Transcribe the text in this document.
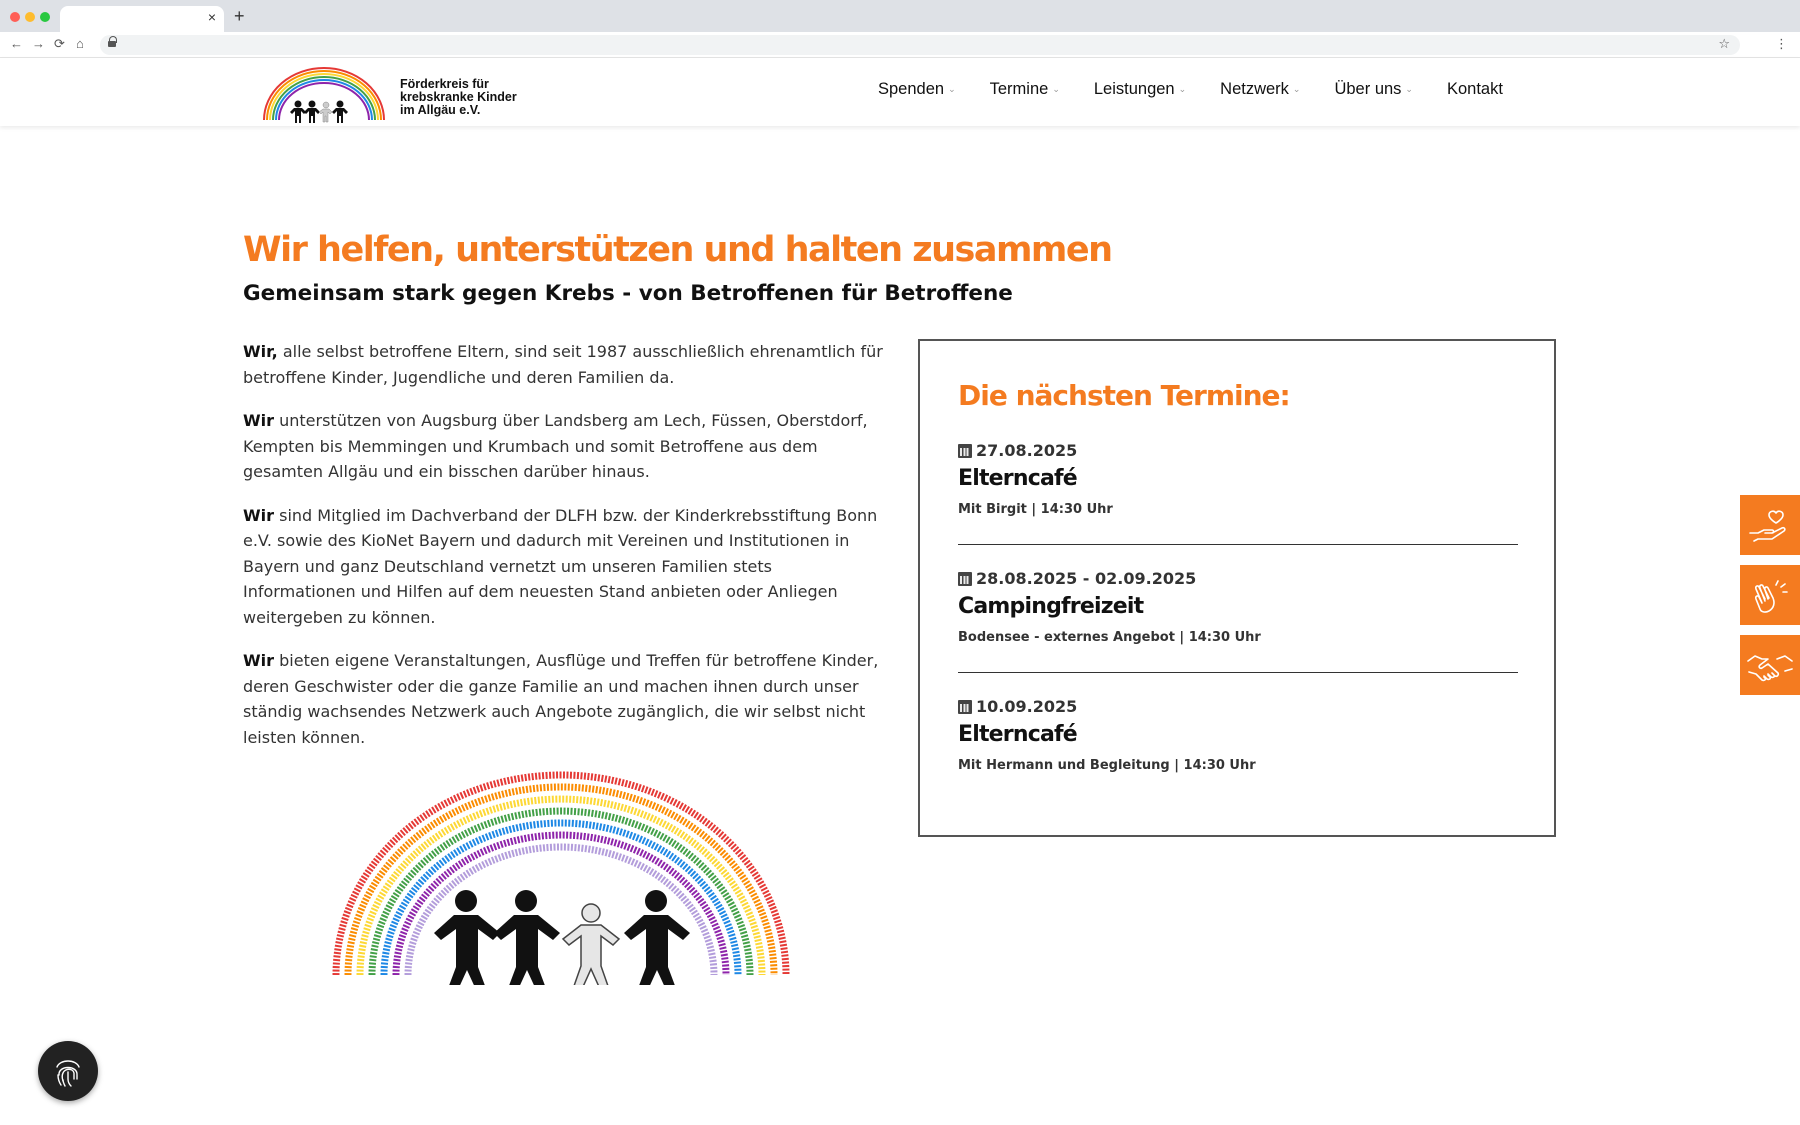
× +
← → ⟳ ⌂	☆	⋮
Förderkreis für
krebskranke Kinder
im Allgäu e.V.
Spenden ⌄ Termine ⌄ Leistungen ⌄ Netzwerk ⌄ Über uns ⌄ Kontakt
Wir helfen, unterstützen und halten zusammen
Gemeinsam stark gegen Krebs - von Betroffenen für Betroffene

Wir, alle selbst betroffene Eltern, sind seit 1987 ausschließlich ehrenamtlich für betroffene Kinder, Jugendliche und deren Familien da.

Wir unterstützen von Augsburg über Landsberg am Lech, Füssen, Oberstdorf, Kempten bis Memmingen und Krumbach und somit Betroffene aus dem gesamten Allgäu und ein bisschen darüber hinaus.

Wir sind Mitglied im Dachverband der DLFH bzw. der Kinderkrebsstiftung Bonn e.V. sowie des KioNet Bayern und dadurch mit Vereinen und Institutionen in Bayern und ganz Deutschland vernetzt um unseren Familien stets Informationen und Hilfen auf dem neuesten Stand anbieten oder Anliegen weitergeben zu können.

Wir bieten eigene Veranstaltungen, Ausflüge und Treffen für betroffene Kinder, deren Geschwister oder die ganze Familie an und machen ihnen durch unser ständig wachsendes Netzwerk auch Angebote zugänglich, die wir selbst nicht leisten können.

Die nächsten Termine:
27.08.2025
Elterncafé
Mit Birgit | 14:30 Uhr
28.08.2025 - 02.09.2025
Campingfreizeit
Bodensee - externes Angebot | 14:30 Uhr
10.09.2025
Elterncafé
Mit Hermann und Begleitung | 14:30 Uhr
